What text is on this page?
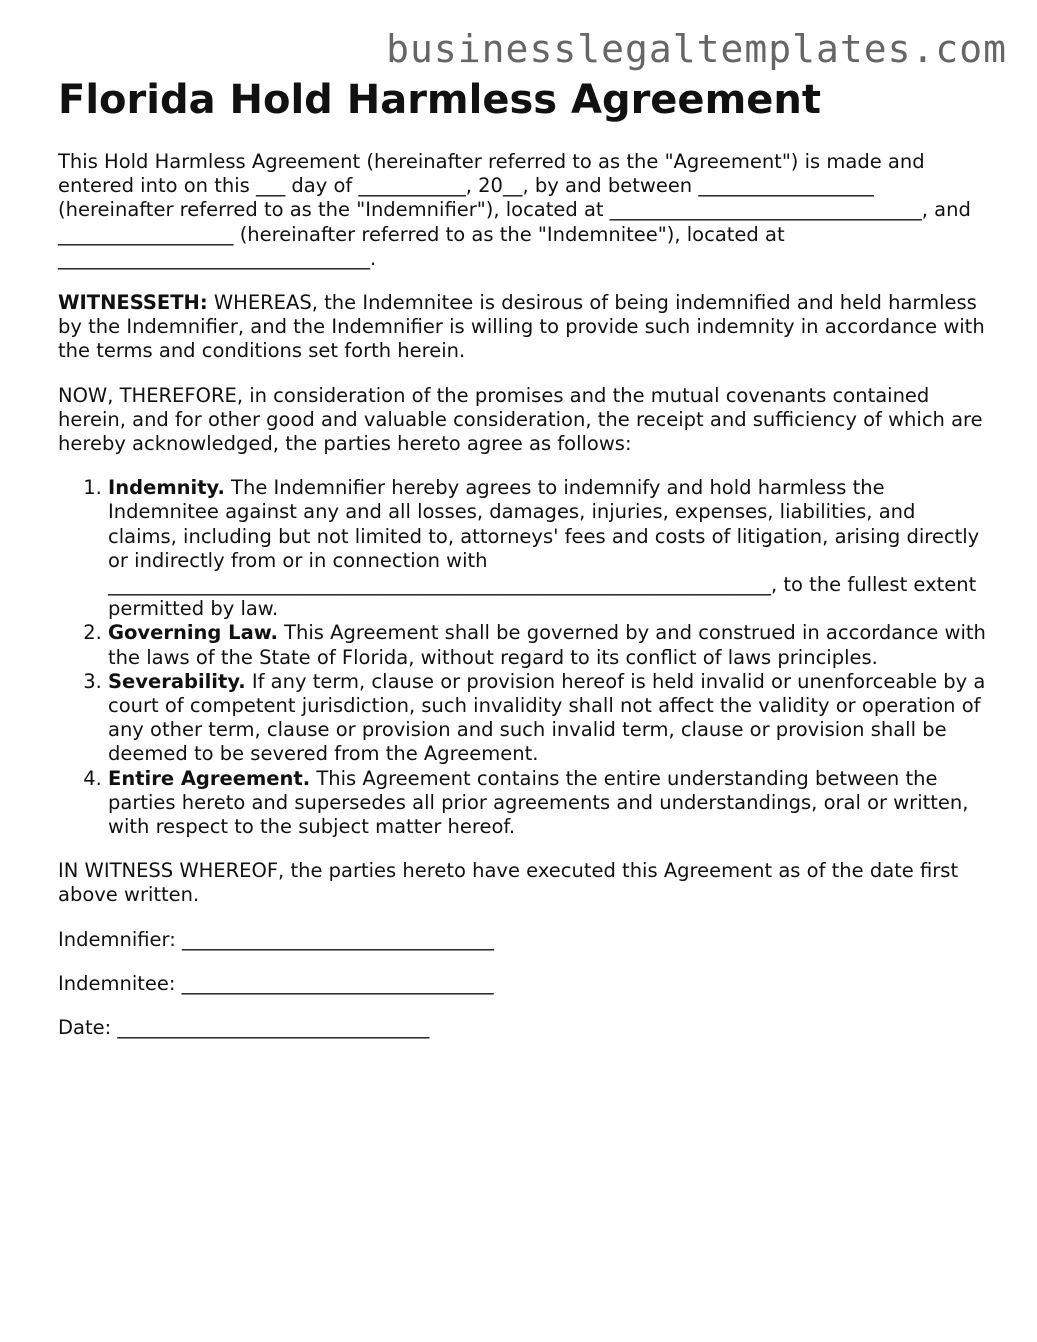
businesslegaltemplates.com
Florida Hold Harmless Agreement

This Hold Harmless Agreement (hereinafter referred to as the "Agreement") is made and entered into on this ___ day of ___________, 20__, by and between __________________ (hereinafter referred to as the "Indemnifier"), located at ________________________________, and __________________ (hereinafter referred to as the "Indemnitee"), located at ________________________________.

WITNESSETH: WHEREAS, the Indemnitee is desirous of being indemnified and held harmless by the Indemnifier, and the Indemnifier is willing to provide such indemnity in accordance with the terms and conditions set forth herein.

NOW, THEREFORE, in consideration of the promises and the mutual covenants contained herein, and for other good and valuable consideration, the receipt and sufficiency of which are hereby acknowledged, the parties hereto agree as follows:

1. Indemnity. The Indemnifier hereby agrees to indemnify and hold harmless the Indemnitee against any and all losses, damages, injuries, expenses, liabilities, and claims, including but not limited to, attorneys' fees and costs of litigation, arising directly or indirectly from or in connection with ____________________________________________________________________, to the fullest extent permitted by law.
2. Governing Law. This Agreement shall be governed by and construed in accordance with the laws of the State of Florida, without regard to its conflict of laws principles.
3. Severability. If any term, clause or provision hereof is held invalid or unenforceable by a court of competent jurisdiction, such invalidity shall not affect the validity or operation of any other term, clause or provision and such invalid term, clause or provision shall be deemed to be severed from the Agreement.
4. Entire Agreement. This Agreement contains the entire understanding between the parties hereto and supersedes all prior agreements and understandings, oral or written, with respect to the subject matter hereof.

IN WITNESS WHEREOF, the parties hereto have executed this Agreement as of the date first above written.

Indemnifier: ________________________________

Indemnitee: ________________________________

Date: ________________________________
